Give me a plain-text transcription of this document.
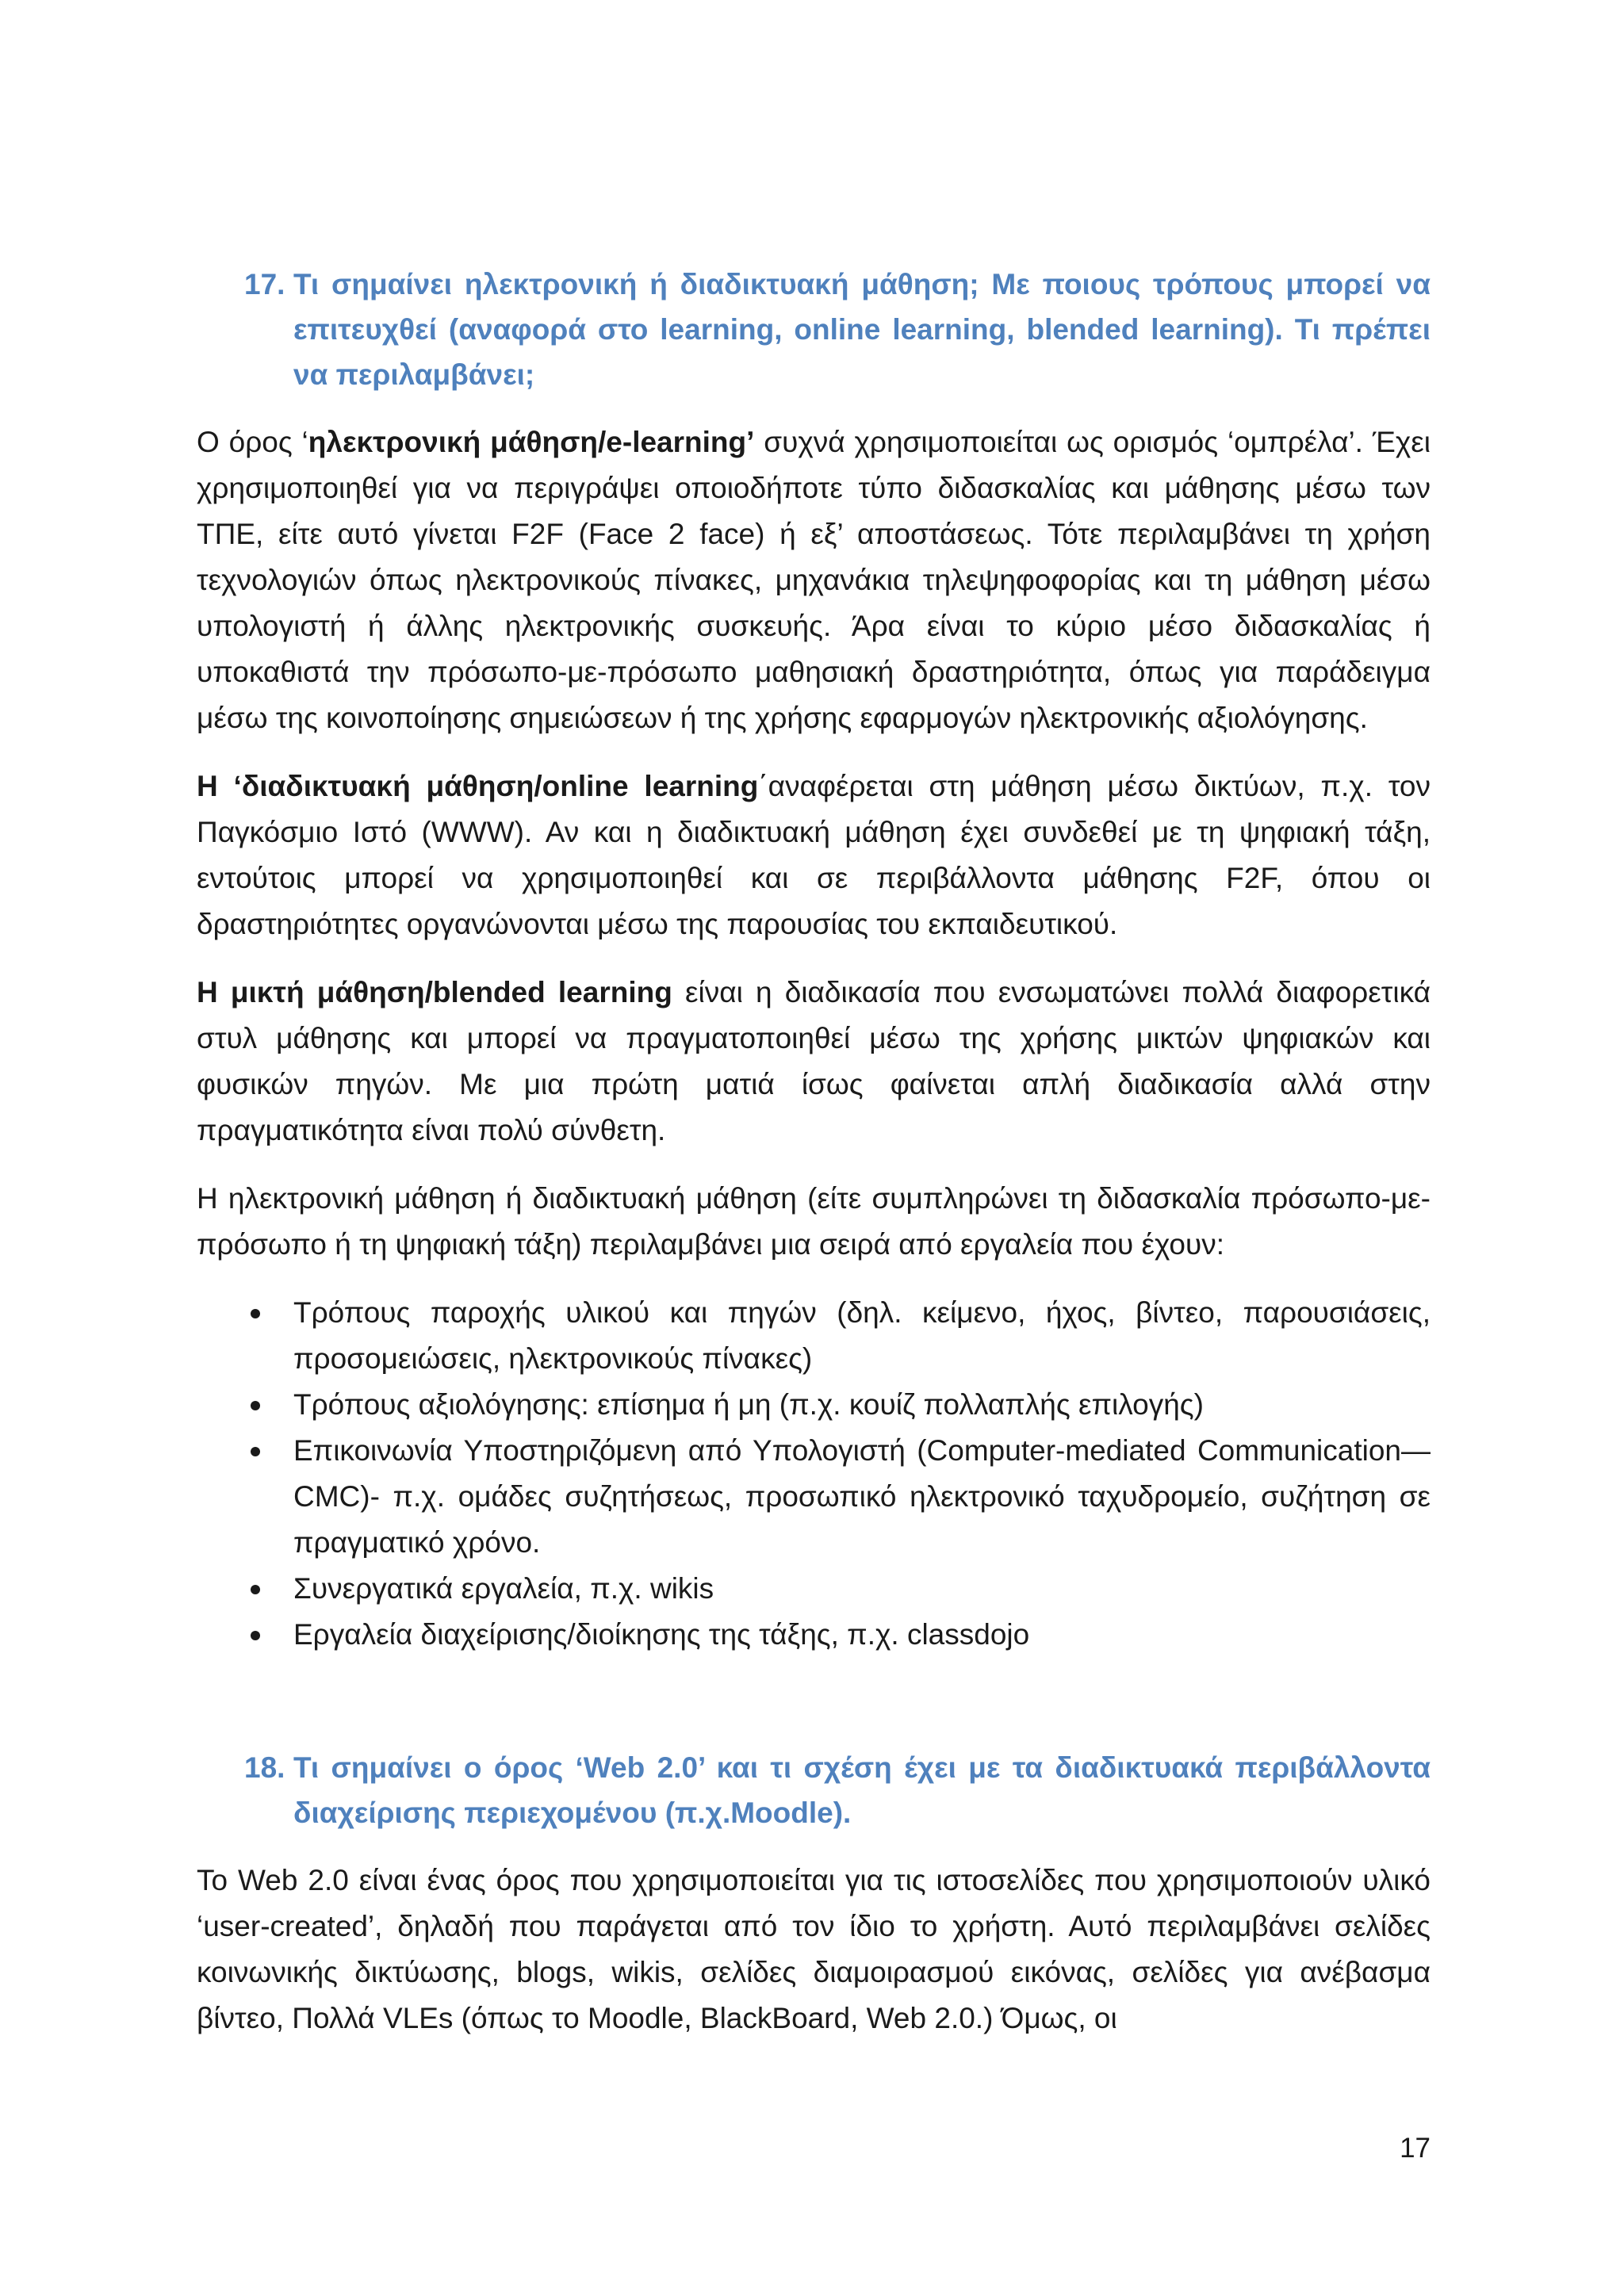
17. Τι σημαίνει ηλεκτρονική ή διαδικτυακή μάθηση; Με ποιους τρόπους μπορεί να επιτευχθεί (αναφορά στο learning, online learning, blended learning). Τι πρέπει να περιλαμβάνει;

Ο όρος ‘ηλεκτρονική μάθηση/e-learning’ συχνά χρησιμοποιείται ως ορισμός ‘ομπρέλα’. Έχει χρησιμοποιηθεί για να περιγράψει οποιοδήποτε τύπο διδασκαλίας και μάθησης μέσω των ΤΠΕ, είτε αυτό γίνεται F2F (Face 2 face) ή εξ’ αποστάσεως. Τότε περιλαμβάνει τη χρήση τεχνολογιών όπως ηλεκτρονικούς πίνακες, μηχανάκια τηλεψηφοφορίας και τη μάθηση μέσω υπολογιστή ή άλλης ηλεκτρονικής συσκευής. Άρα είναι το κύριο μέσο διδασκαλίας ή υποκαθιστά την πρόσωπο-με-πρόσωπο μαθησιακή δραστηριότητα, όπως για παράδειγμα μέσω της κοινοποίησης σημειώσεων ή της χρήσης εφαρμογών ηλεκτρονικής αξιολόγησης.

Η ‘διαδικτυακή μάθηση/online learning΄αναφέρεται στη μάθηση μέσω δικτύων, π.χ. τον Παγκόσμιο Ιστό (WWW). Αν και η διαδικτυακή μάθηση έχει συνδεθεί με τη ψηφιακή τάξη, εντούτοις μπορεί να χρησιμοποιηθεί και σε περιβάλλοντα μάθησης F2F, όπου οι δραστηριότητες οργανώνονται μέσω της παρουσίας του εκπαιδευτικού.

Η μικτή μάθηση/blended learning είναι η διαδικασία που ενσωματώνει πολλά διαφορετικά στυλ μάθησης και μπορεί να πραγματοποιηθεί μέσω της χρήσης μικτών ψηφιακών και φυσικών πηγών. Με μια πρώτη ματιά ίσως φαίνεται απλή διαδικασία αλλά στην πραγματικότητα είναι πολύ σύνθετη.

Η ηλεκτρονική μάθηση ή διαδικτυακή μάθηση (είτε συμπληρώνει τη διδασκαλία πρόσωπο-με-πρόσωπο ή τη ψηφιακή τάξη) περιλαμβάνει μια σειρά από εργαλεία που έχουν:

Τρόπους παροχής υλικού και πηγών (δηλ. κείμενο, ήχος, βίντεο, παρουσιάσεις, προσομειώσεις, ηλεκτρονικούς πίνακες)
Τρόπους αξιολόγησης: επίσημα ή μη (π.χ. κουίζ πολλαπλής επιλογής)
Επικοινωνία Υποστηριζόμενη από Υπολογιστή (Computer-mediated Communication—CMC)- π.χ. ομάδες συζητήσεως, προσωπικό ηλεκτρονικό ταχυδρομείο, συζήτηση σε πραγματικό χρόνο.
Συνεργατικά εργαλεία, π.χ. wikis
Εργαλεία διαχείρισης/διοίκησης της τάξης, π.χ. classdojo
18. Τι σημαίνει ο όρος ‘Web 2.0’ και τι σχέση έχει με τα διαδικτυακά περιβάλλοντα διαχείρισης περιεχομένου (π.χ.Moodle).

Το Web 2.0 είναι ένας όρος που χρησιμοποιείται για τις ιστοσελίδες που χρησιμοποιούν υλικό ‘user-created’, δηλαδή που παράγεται από τον ίδιο το χρήστη. Αυτό περιλαμβάνει σελίδες κοινωνικής δικτύωσης, blogs, wikis, σελίδες διαμοιρασμού εικόνας, σελίδες για ανέβασμα βίντεο, Πολλά VLEs (όπως το Moodle, BlackBoard, Web 2.0.) Όμως, οι

17
